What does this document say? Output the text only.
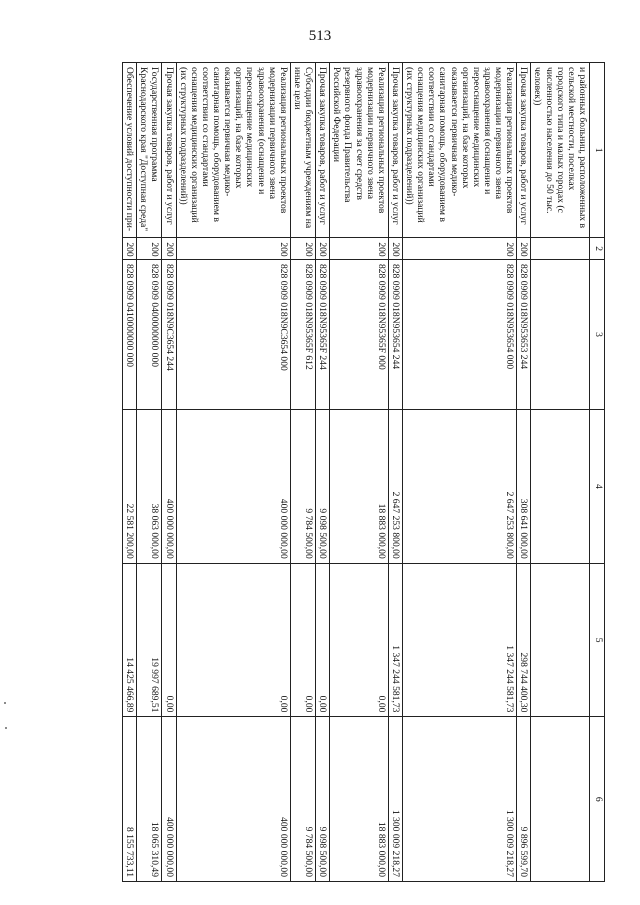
513
1	2	3	4	5	6
и районных больниц, расположенных в сельской местности, поселках городского типа и малых городах (с численностью населения до 50 тыс. человек))					
Прочая закупка товаров, работ и услуг	200	828 0909 018N953653 244	308 641 000,00	298 744 400,30	9 896 599,70
Реализация региональных проектов модернизации первичного звена здравоохранения (оснащение и переоснащение медицинских организаций, на базе которых оказывается первичная медико-санитарная помощь, оборудованием в соответствии со стандартами оснащения медицинских организаций (их структурных подразделений))	200	828 0909 018N953654 000	2 647 253 800,00	1 347 244 581,73	1 300 009 218,27
Прочая закупка товаров, работ и услуг	200	828 0909 018N953654 244	2 647 253 800,00	1 347 244 581,73	1 300 009 218,27
Реализация региональных проектов модернизации первичного звена здравоохранения за счет средств резервного фонда Правительства Российской Федерации	200	828 0909 018N95365F 000	18 883 000,00	0,00	18 883 000,00
Прочая закупка товаров, работ и услуг	200	828 0909 018N95365F 244	9 098 500,00	0,00	9 098 500,00
Субсидии бюджетным учреждениям на иные цели	200	828 0909 018N95365F 612	9 784 500,00	0,00	9 784 500,00
Реализация региональных проектов модернизации первичного звена здравоохранения (оснащение и переоснащение медицинских организаций, на базе которых оказывается первичная медико-санитарная помощь, оборудованием в соответствии со стандартами оснащения медицинских организаций (их структурных подразделений))	200	828 0909 018N9C3654 000	400 000 000,00	0,00	400 000 000,00
Прочая закупка товаров, работ и услуг	200	828 0909 018N9C3654 244	400 000 000,00	0,00	400 000 000,00
Государственная программа Краснодарского края "Доступная среда"	200	828 0909 0400000000 000	38 063 000,00	19 997 689,51	18 065 310,49
Обеспечение условий доступности при-	200	828 0909 0410000000 000	22 581 200,00	14 425 466,89	8 155 733,11
